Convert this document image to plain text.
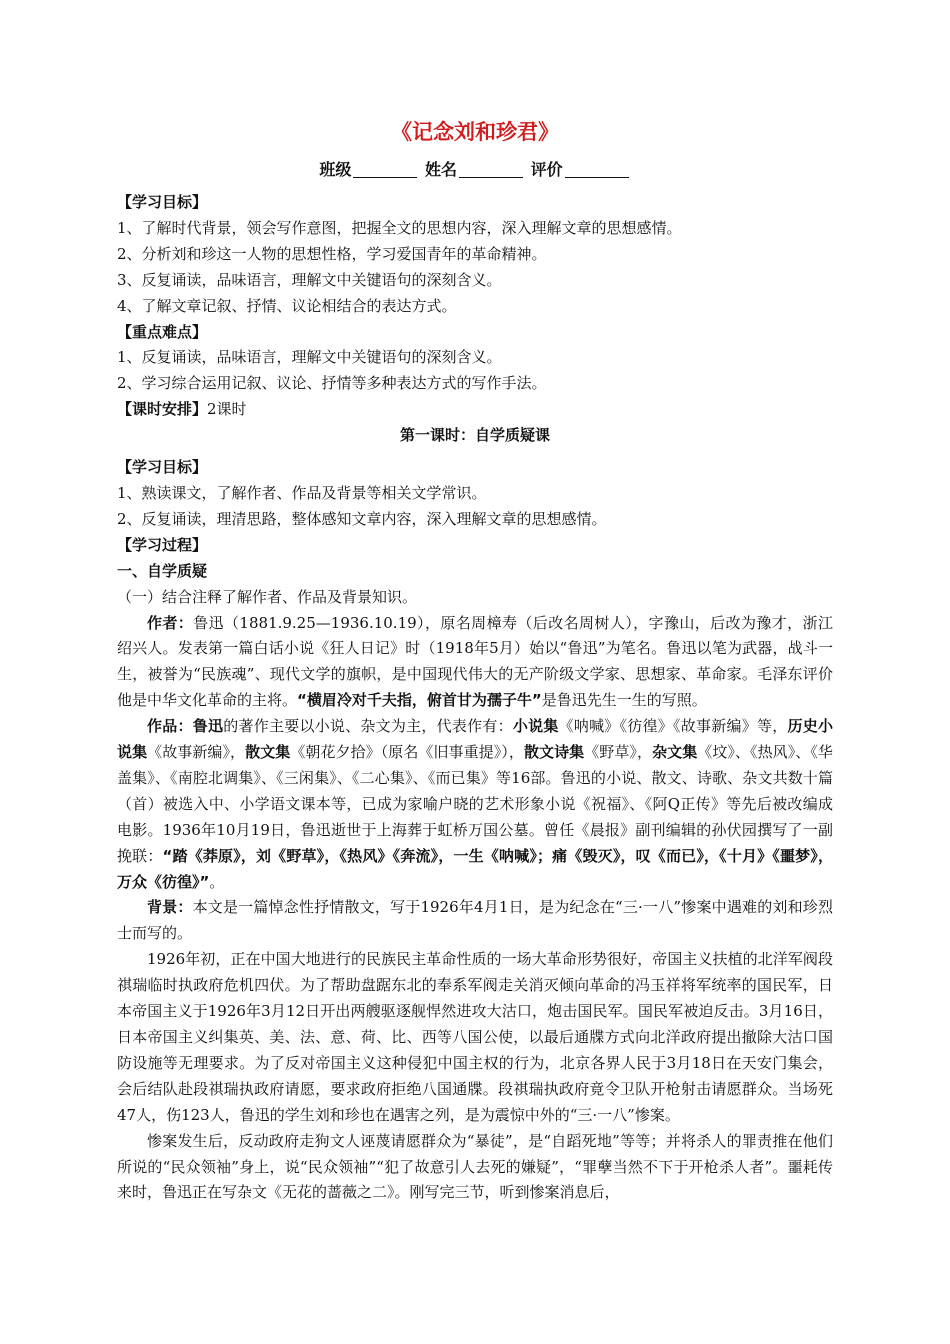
《记念刘和珍君》
班级	姓名	评价
【学习目标】
1、了解时代背景，领会写作意图，把握全文的思想内容，深入理解文章的思想感情。
2、分析刘和珍这一人物的思想性格，学习爱国青年的革命精神。
3、反复诵读，品味语言，理解文中关键语句的深刻含义。
4、了解文章记叙、抒情、议论相结合的表达方式。
【重点难点】
1、反复诵读，品味语言，理解文中关键语句的深刻含义。
2、学习综合运用记叙、议论、抒情等多种表达方式的写作手法。
【课时安排】2课时
第一课时：自学质疑课
【学习目标】
1、熟读课文，了解作者、作品及背景等相关文学常识。
2、反复诵读，理清思路，整体感知文章内容，深入理解文章的思想感情。
【学习过程】
一、自学质疑
（一）结合注释了解作者、作品及背景知识。
作者：鲁迅（1881.9.25—1936.10.19），原名周樟寿（后改名周树人），字豫山，后改为豫才，浙江绍兴人。发表第一篇白话小说《狂人日记》时（1918年5月）始以“鲁迅”为笔名。鲁迅以笔为武器，战斗一生，被誉为“民族魂”、现代文学的旗帜，是中国现代伟大的无产阶级文学家、思想家、革命家。毛泽东评价他是中华文化革命的主将。“横眉冷对千夫指，俯首甘为孺子牛”是鲁迅先生一生的写照。
作品：鲁迅的著作主要以小说、杂文为主，代表作有：小说集《呐喊》《彷徨》《故事新编》等，历史小说集《故事新编》，散文集《朝花夕拾》（原名《旧事重提》），散文诗集《野草》，杂文集《坟》、《热风》、《华盖集》、《南腔北调集》、《三闲集》、《二心集》、《而已集》等16部。鲁迅的小说、散文、诗歌、杂文共数十篇（首）被选入中、小学语文课本等，已成为家喻户晓的艺术形象小说《祝福》、《阿Q正传》等先后被改编成电影。1936年10月19日，鲁迅逝世于上海葬于虹桥万国公墓。曾任《晨报》副刊编辑的孙伏园撰写了一副挽联：“踏《莽原》，刘《野草》，《热风》《奔流》，一生《呐喊》；痛《毁灭》，叹《而已》，《十月》《噩梦》，万众《彷徨》”。
背景：本文是一篇悼念性抒情散文，写于1926年4月1日，是为纪念在“三·一八”惨案中遇难的刘和珍烈士而写的。
1926年初，正在中国大地进行的民族民主革命性质的一场大革命形势很好，帝国主义扶植的北洋军阀段祺瑞临时执政府危机四伏。为了帮助盘踞东北的奉系军阀走关消灭倾向革命的冯玉祥将军统率的国民军，日本帝国主义于1926年3月12日开出两艘驱逐舰悍然进攻大沽口，炮击国民军。国民军被迫反击。3月16日，日本帝国主义纠集英、美、法、意、荷、比、西等八国公使，以最后通牒方式向北洋政府提出撤除大沽口国防设施等无理要求。为了反对帝国主义这种侵犯中国主权的行为，北京各界人民于3月18日在天安门集会，会后结队赴段祺瑞执政府请愿，要求政府拒绝八国通牒。段祺瑞执政府竟令卫队开枪射击请愿群众。当场死47人，伤123人，鲁迅的学生刘和珍也在遇害之列，是为震惊中外的“三·一八”惨案。
惨案发生后，反动政府走狗文人诬蔑请愿群众为“暴徒”，是“自蹈死地”等等；并将杀人的罪责推在他们所说的“民众领袖”身上，说“民众领袖”“犯了故意引人去死的嫌疑”，“罪孽当然不下于开枪杀人者”。噩耗传来时，鲁迅正在写杂文《无花的蔷薇之二》。刚写完三节，听到惨案消息后，
